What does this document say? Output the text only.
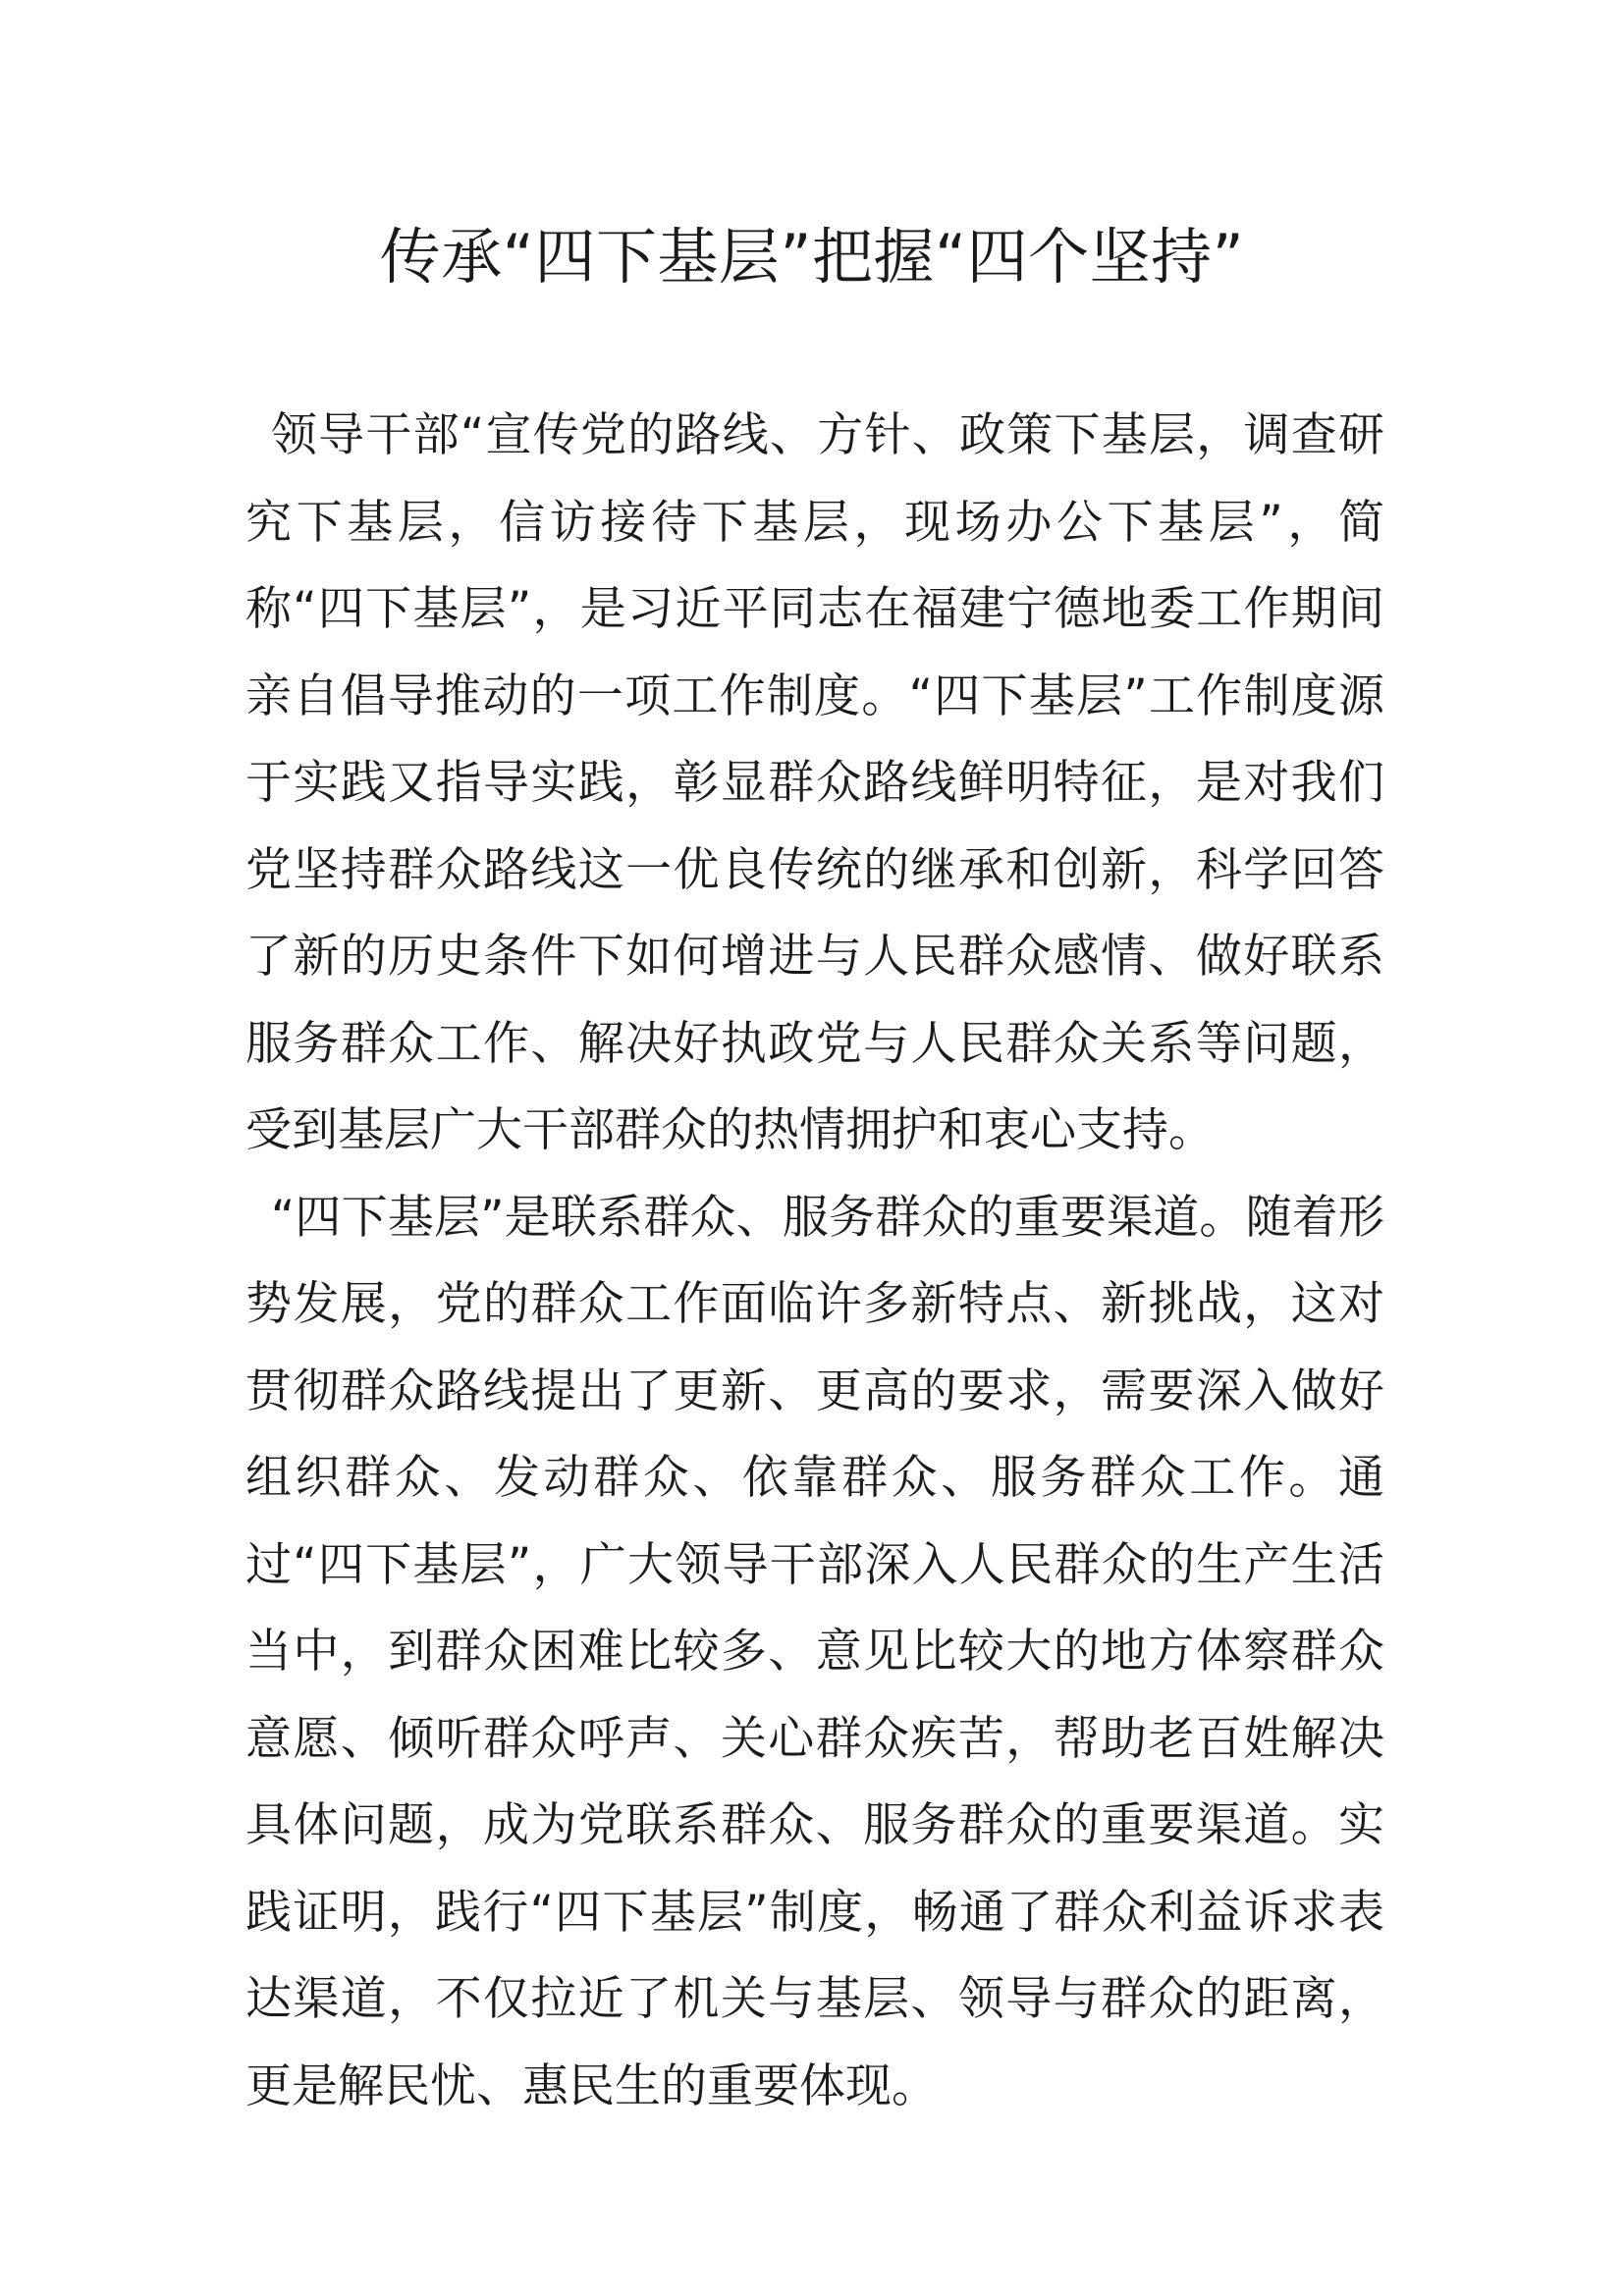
传承“四下基层”把握“四个坚持”

领导干部“宣传党的路线、方针、政策下基层，调查研究下基层，信访接待下基层，现场办公下基层”，简称“四下基层”，是习近平同志在福建宁德地委工作期间亲自倡导推动的一项工作制度。“四下基层”工作制度源于实践又指导实践，彰显群众路线鲜明特征，是对我们党坚持群众路线这一优良传统的继承和创新，科学回答了新的历史条件下如何增进与人民群众感情、做好联系服务群众工作、解决好执政党与人民群众关系等问题，受到基层广大干部群众的热情拥护和衷心支持。

“四下基层”是联系群众、服务群众的重要渠道。随着形势发展，党的群众工作面临许多新特点、新挑战，这对贯彻群众路线提出了更新、更高的要求，需要深入做好组织群众、发动群众、依靠群众、服务群众工作。通过“四下基层”，广大领导干部深入人民群众的生产生活当中，到群众困难比较多、意见比较大的地方体察群众意愿、倾听群众呼声、关心群众疾苦，帮助老百姓解决具体问题，成为党联系群众、服务群众的重要渠道。实践证明，践行“四下基层”制度，畅通了群众利益诉求表达渠道，不仅拉近了机关与基层、领导与群众的距离，更是解民忧、惠民生的重要体现。
